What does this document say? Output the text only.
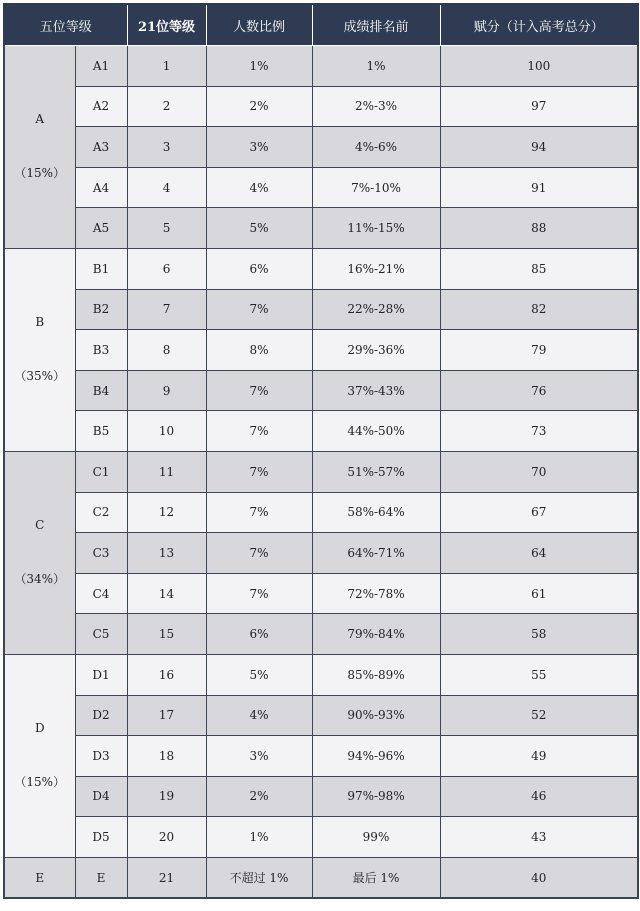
五位等级		21位等级	人数比例	成绩排名前	赋分（计入高考总分）

A
（15%）	A1	1	1%	1%	100
	A2	2	2%	2%-3%	97
	A3	3	3%	4%-6%	94
	A4	4	4%	7%-10%	91
	A5	5	5%	11%-15%	88

B
（35%）	B1	6	6%	16%-21%	85
	B2	7	7%	22%-28%	82
	B3	8	8%	29%-36%	79
	B4	9	7%	37%-43%	76
	B5	10	7%	44%-50%	73

C
（34%）	C1	11	7%	51%-57%	70
	C2	12	7%	58%-64%	67
	C3	13	7%	64%-71%	64
	C4	14	7%	72%-78%	61
	C5	15	6%	79%-84%	58

D
（15%）	D1	16	5%	85%-89%	55
	D2	17	4%	90%-93%	52
	D3	18	3%	94%-96%	49
	D4	19	2%	97%-98%	46
	D5	20	1%	99%	43
E	E	21	不超过 1%	最后 1%	40
